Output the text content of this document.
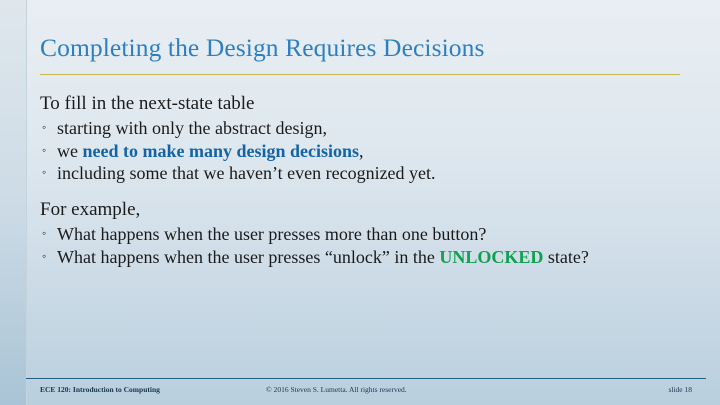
Completing the Design Requires Decisions

To fill in the next-state table

◦ starting with only the abstract design,
◦ we need to make many design decisions,
◦ including some that we haven’t even recognized yet.

For example,

◦ What happens when the user presses more than one button?
◦ What happens when the user presses “unlock” in the UNLOCKED state?
ECE 120: Introduction to Computing	© 2016 Steven S. Lumetta. All rights reserved.	slide 18
